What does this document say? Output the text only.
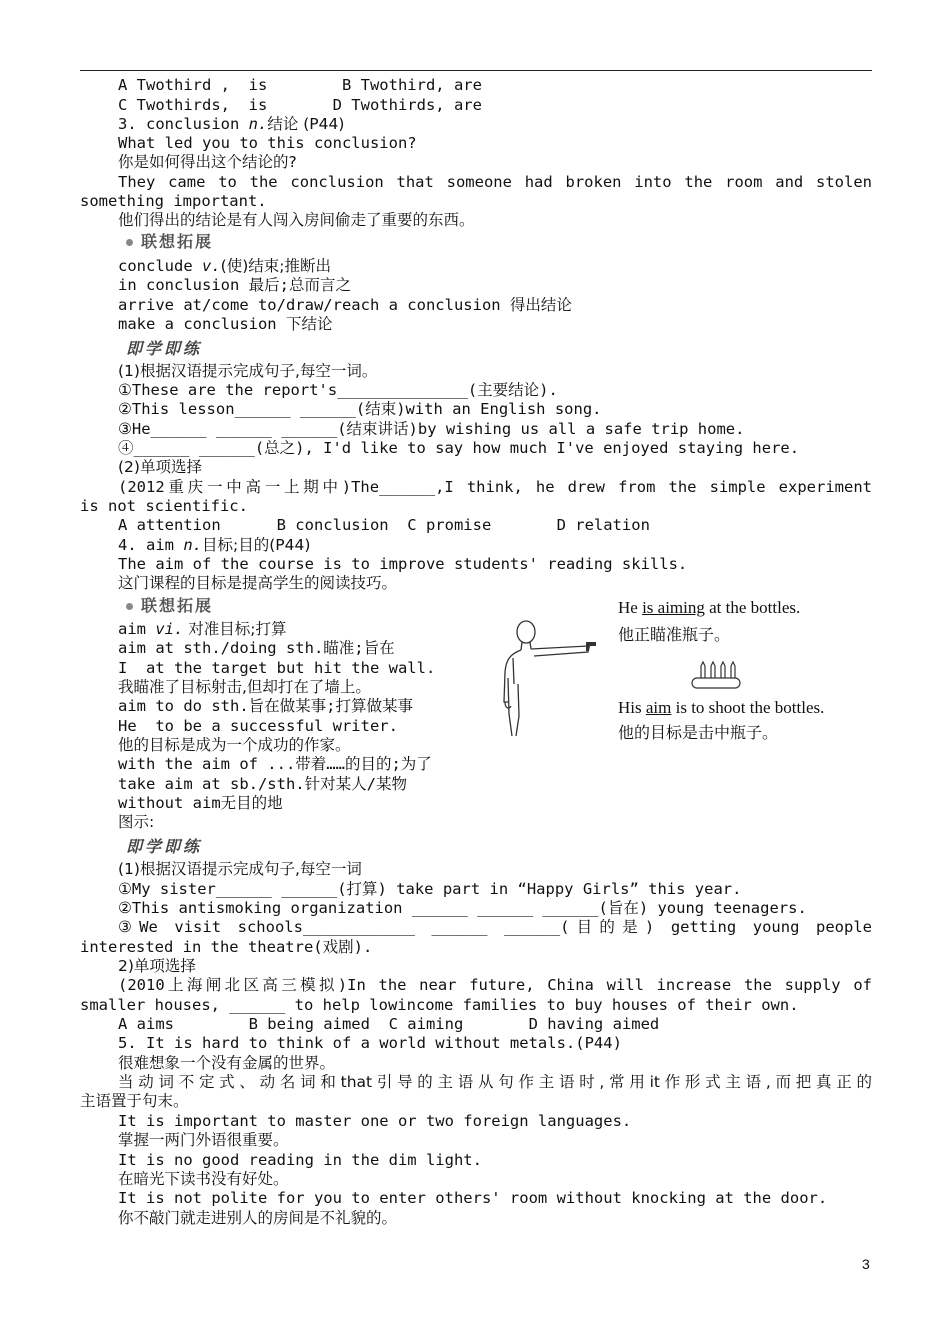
A Twothird ,  is        B Twothird, are
C Twothirds,  is       D Twothirds, are
3. conclusion n.结论 (P44)
What led you to this conclusion?
你是如何得出这个结论的?
They came to the conclusion that someone had broken into the room and stolen
something important.
他们得出的结论是有人闯入房间偷走了重要的东西。
联想拓展
conclude v.(使)结束;推断出
in conclusion 最后;总而言之
arrive at/come to/draw/reach a conclusion 得出结论
make a conclusion 下结论
即学即练
(1)根据汉语提示完成句子,每空一词。
①These are the report's______________(主要结论).
②This lesson______ ______(结束)with an English song.
③He______ ______ ______(结束讲话)by wishing us all a safe trip home.
④______ ______(总之), I'd like to say how much I've enjoyed staying here.
(2)单项选择
(2012重庆一中高一上期中)The______,I think, he drew from the simple experiment
is not scientific.
A attention      B conclusion  C promise       D relation
4. aim n.目标;目的(P44)
The aim of the course is to improve students' reading skills.
这门课程的目标是提高学生的阅读技巧。
联想拓展
aim vi. 对准目标;打算
aim at sth./doing sth.瞄准;旨在
I  at the target but hit the wall.
我瞄准了目标射击,但却打在了墙上。
aim to do sth.旨在做某事;打算做某事
He  to be a successful writer.
他的目标是成为一个成功的作家。
with the aim of ...带着……的目的;为了
take aim at sb./sth.针对某人/某物
without aim无目的地
图示:
He is aiming at the bottles.
他正瞄准瓶子。
His aim is to shoot the bottles.
他的目标是击中瓶子。
即学即练
(1)根据汉语提示完成句子,每空一词
①My sister______ ______(打算) take part in “Happy Girls” this year.
②This antismoking organization ______ ______ ______(旨在) young teenagers.
③We visit schools____________ ______ ______(目的是) getting young people
interested in the theatre(戏剧).
2)单项选择
(2010上海闸北区高三模拟)In the near future, China will increase the supply of
smaller houses, ______ to help lowincome families to buy houses of their own.
A aims        B being aimed  C aiming       D having aimed
5. It is hard to think of a world without metals.(P44)
很难想象一个没有金属的世界。
当动词不定式、动名词和that引导的主语从句作主语时,常用it作形式主语,而把真正的
主语置于句末。
It is important to master one or two foreign languages.
掌握一两门外语很重要。
It is no good reading in the dim light.
在暗光下读书没有好处。
It is not polite for you to enter others' room without knocking at the door.
你不敲门就走进别人的房间是不礼貌的。
3
